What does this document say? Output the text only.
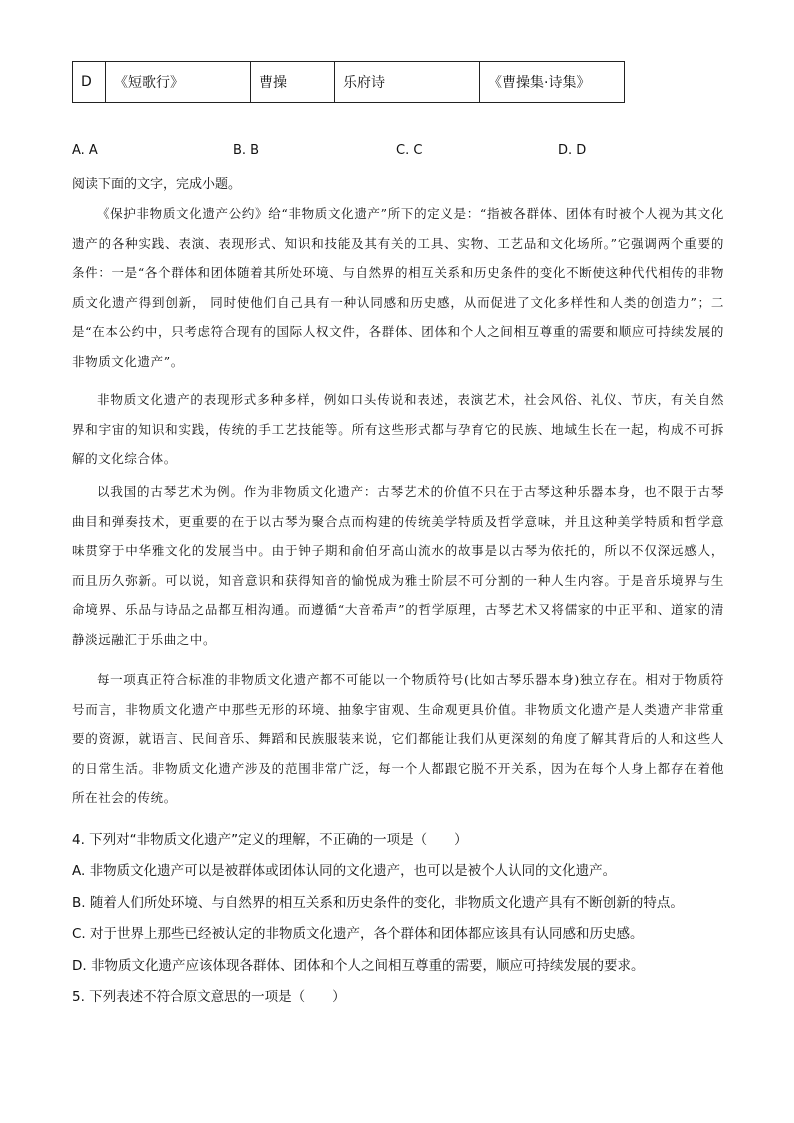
D	《短歌行》	曹操	乐府诗	《曹操集·诗集》
A. A	B. B	C. C	D. D
阅读下面的文字，完成小题。
《保护非物质文化遗产公约》给“非物质文化遗产”所下的定义是：“指被各群体、团体有时被个人视为其文化遗产的各种实践、表演、表现形式、知识和技能及其有关的工具、实物、工艺品和文化场所。”它强调两个重要的条件：一是“各个群体和团体随着其所处环境、与自然界的相互关系和历史条件的变化不断使这种代代相传的非物质文化遗产得到创新， 同时使他们自己具有一种认同感和历史感，从而促进了文化多样性和人类的创造力”；二是“在本公约中，只考虑符合现有的国际人权文件，各群体、团体和个人之间相互尊重的需要和顺应可持续发展的非物质文化遗产”。
非物质文化遗产的表现形式多种多样，例如口头传说和表述，表演艺术，社会风俗、礼仪、节庆，有关自然界和宇宙的知识和实践，传统的手工艺技能等。所有这些形式都与孕育它的民族、地域生长在一起，构成不可拆解的文化综合体。
以我国的古琴艺术为例。作为非物质文化遗产：古琴艺术的价值不只在于古琴这种乐器本身，也不限于古琴曲目和弹奏技术，更重要的在于以古琴为聚合点而构建的传统美学特质及哲学意味，并且这种美学特质和哲学意味贯穿于中华雅文化的发展当中。由于钟子期和俞伯牙高山流水的故事是以古琴为依托的，所以不仅深远感人，而且历久弥新。可以说，知音意识和获得知音的愉悦成为雅士阶层不可分割的一种人生内容。于是音乐境界与生命境界、乐品与诗品之品都互相沟通。而遵循“大音希声”的哲学原理，古琴艺术又将儒家的中正平和、道家的清静淡远融汇于乐曲之中。
每一项真正符合标准的非物质文化遗产都不可能以一个物质符号(比如古琴乐器本身)独立存在。相对于物质符号而言，非物质文化遗产中那些无形的环境、抽象宇宙观、生命观更具价值。非物质文化遗产是人类遗产非常重要的资源，就语言、民间音乐、舞蹈和民族服装来说，它们都能让我们从更深刻的角度了解其背后的人和这些人的日常生活。非物质文化遗产涉及的范围非常广泛，每一个人都跟它脱不开关系，因为在每个人身上都存在着他所在社会的传统。
4. 下列对“非物质文化遗产”定义的理解，不正确的一项是（　　）
A. 非物质文化遗产可以是被群体或团体认同的文化遗产，也可以是被个人认同的文化遗产。
B. 随着人们所处环境、与自然界的相互关系和历史条件的变化，非物质文化遗产具有不断创新的特点。
C. 对于世界上那些已经被认定的非物质文化遗产，各个群体和团体都应该具有认同感和历史感。
D. 非物质文化遗产应该体现各群体、团体和个人之间相互尊重的需要，顺应可持续发展的要求。
5. 下列表述不符合原文意思的一项是（　　）
